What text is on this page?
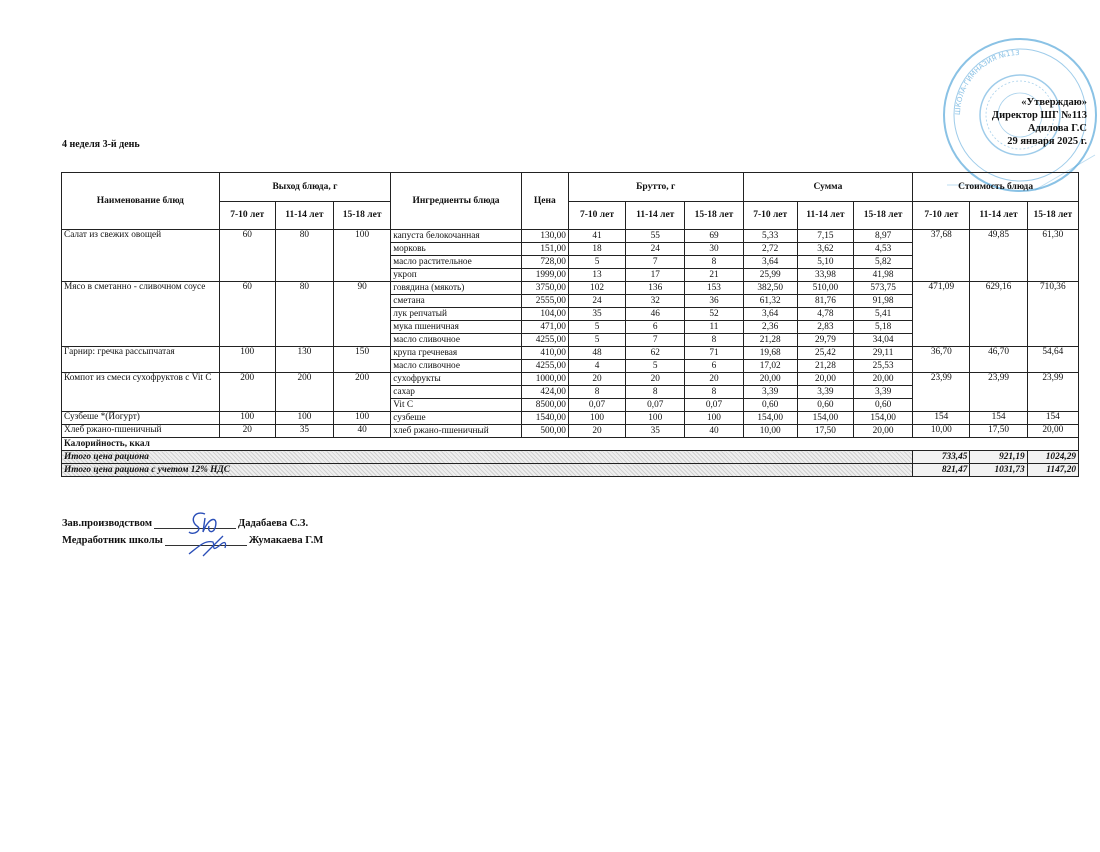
ШКОЛА-ГИМНАЗИЯ №113
«Утверждаю»
Директор ШГ №113
Адилова Г.С
29 января 2025 г.
4 неделя 3-й день
Наименование блюд	Выход блюда, г			Ингредиенты блюда	Цена	Брутто, г			Сумма			Стоимость блюда		
	7-10 лет	11-14 лет	15-18 лет			7-10 лет	11-14 лет	15-18 лет	7-10 лет	11-14 лет	15-18 лет	7-10 лет	11-14 лет	15-18 лет
Салат из свежих овощей	60	80	100	капуста белокочанная	130,00	41	55	69	5,33	7,15	8,97	37,68	49,85	61,30
				морковь	151,00	18	24	30	2,72	3,62	4,53			
				масло растительное	728,00	5	7	8	3,64	5,10	5,82			
				укроп	1999,00	13	17	21	25,99	33,98	41,98			
Мясо в сметанно - сливочном соусе	60	80	90	говядина (мякоть)	3750,00	102	136	153	382,50	510,00	573,75	471,09	629,16	710,36
				сметана	2555,00	24	32	36	61,32	81,76	91,98			
				лук репчатый	104,00	35	46	52	3,64	4,78	5,41			
				мука пшеничная	471,00	5	6	11	2,36	2,83	5,18			
				масло сливочное	4255,00	5	7	8	21,28	29,79	34,04			
Гарнир: гречка рассыпчатая	100	130	150	крупа гречневая	410,00	48	62	71	19,68	25,42	29,11	36,70	46,70	54,64
				масло сливочное	4255,00	4	5	6	17,02	21,28	25,53			
Компот из смеси сухофруктов с Vit C	200	200	200	сухофрукты	1000,00	20	20	20	20,00	20,00	20,00	23,99	23,99	23,99
				сахар	424,00	8	8	8	3,39	3,39	3,39			
				Vit C	8500,00	0,07	0,07	0,07	0,60	0,60	0,60			
Сузбеше *(Йогурт)	100	100	100	сузбеше	1540,00	100	100	100	154,00	154,00	154,00	154	154	154
Хлеб ржано-пшеничный	20	35	40	хлеб ржано-пшеничный	500,00	20	35	40	10,00	17,50	20,00	10,00	17,50	20,00
Калорийность, ккал														
Итого цена рациона												733,45	921,19	1024,29
Итого цена рациона с учетом 12% НДС												821,47	1031,73	1147,20
Зав.производством	Дадабаева С.З.
Медработник школы	Жумакаева Г.М
